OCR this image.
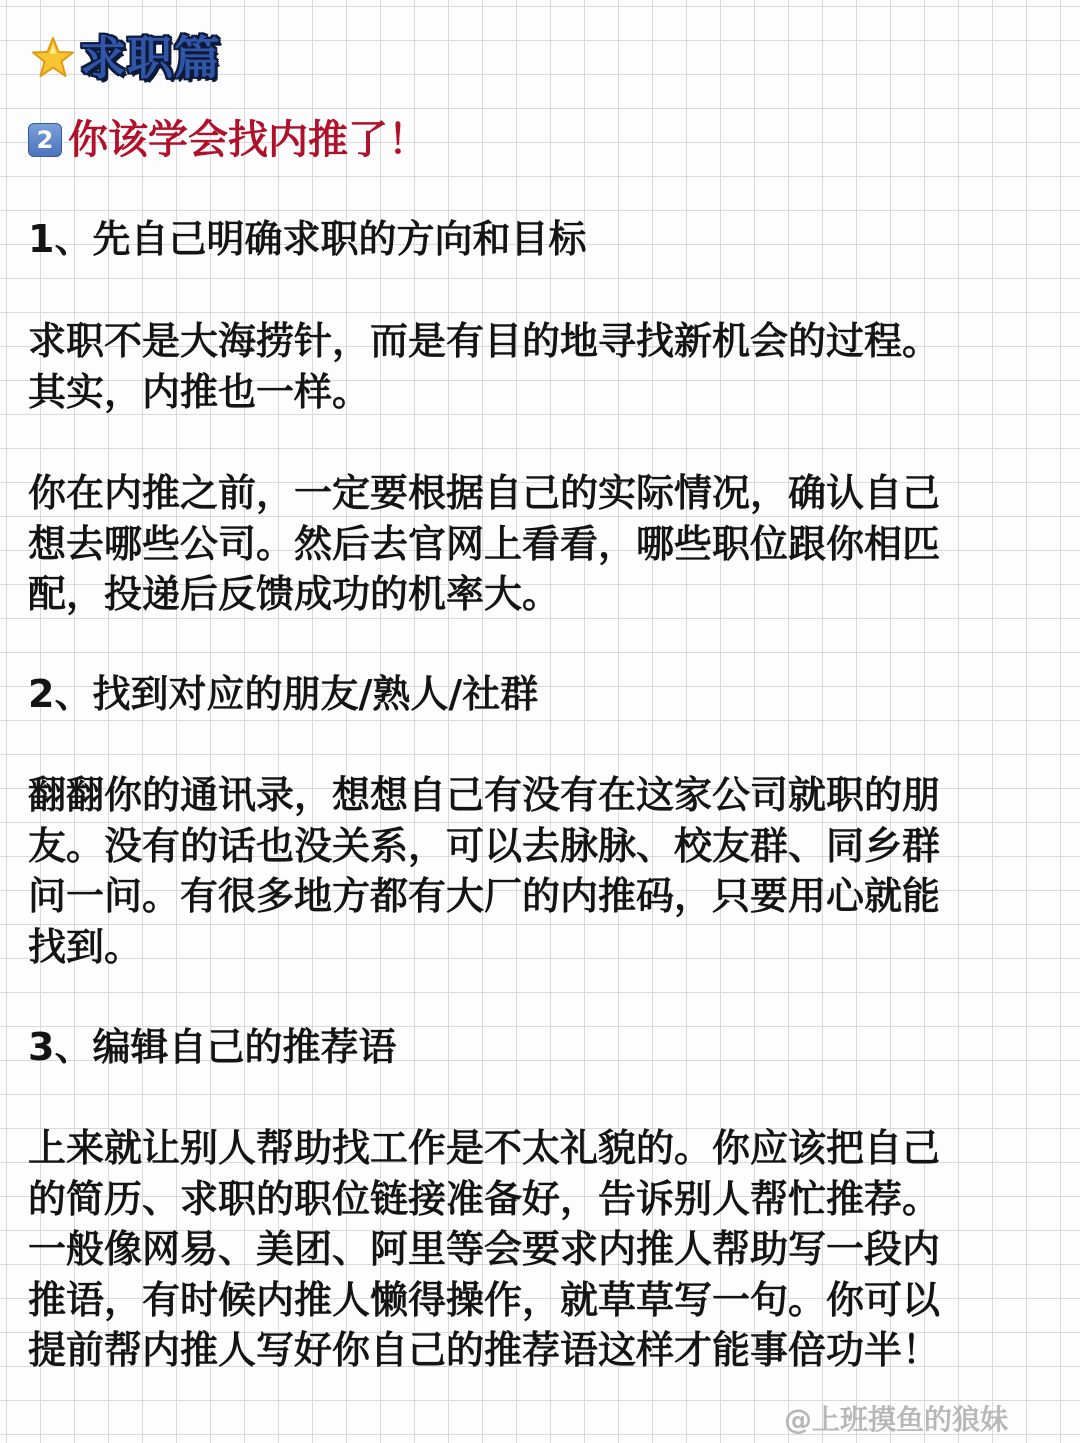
求职篇
2 你该学会找内推了！

1、先自己明确求职的方向和目标

求职不是大海捞针，而是有目的地寻找新机会的过程。
其实，内推也一样。

你在内推之前，一定要根据自己的实际情况，确认自己
想去哪些公司。然后去官网上看看，哪些职位跟你相匹
配，投递后反馈成功的机率大。

2、找到对应的朋友/熟人/社群

翻翻你的通讯录，想想自己有没有在这家公司就职的朋
友。没有的话也没关系，可以去脉脉、校友群、同乡群
问一问。有很多地方都有大厂的内推码，只要用心就能
找到。

3、编辑自己的推荐语

上来就让别人帮助找工作是不太礼貌的。你应该把自己
的简历、求职的职位链接准备好，告诉别人帮忙推荐。
一般像网易、美团、阿里等会要求内推人帮助写一段内
推语，有时候内推人懒得操作，就草草写一句。你可以
提前帮内推人写好你自己的推荐语这样才能事倍功半！

@上班摸鱼的狼妹
